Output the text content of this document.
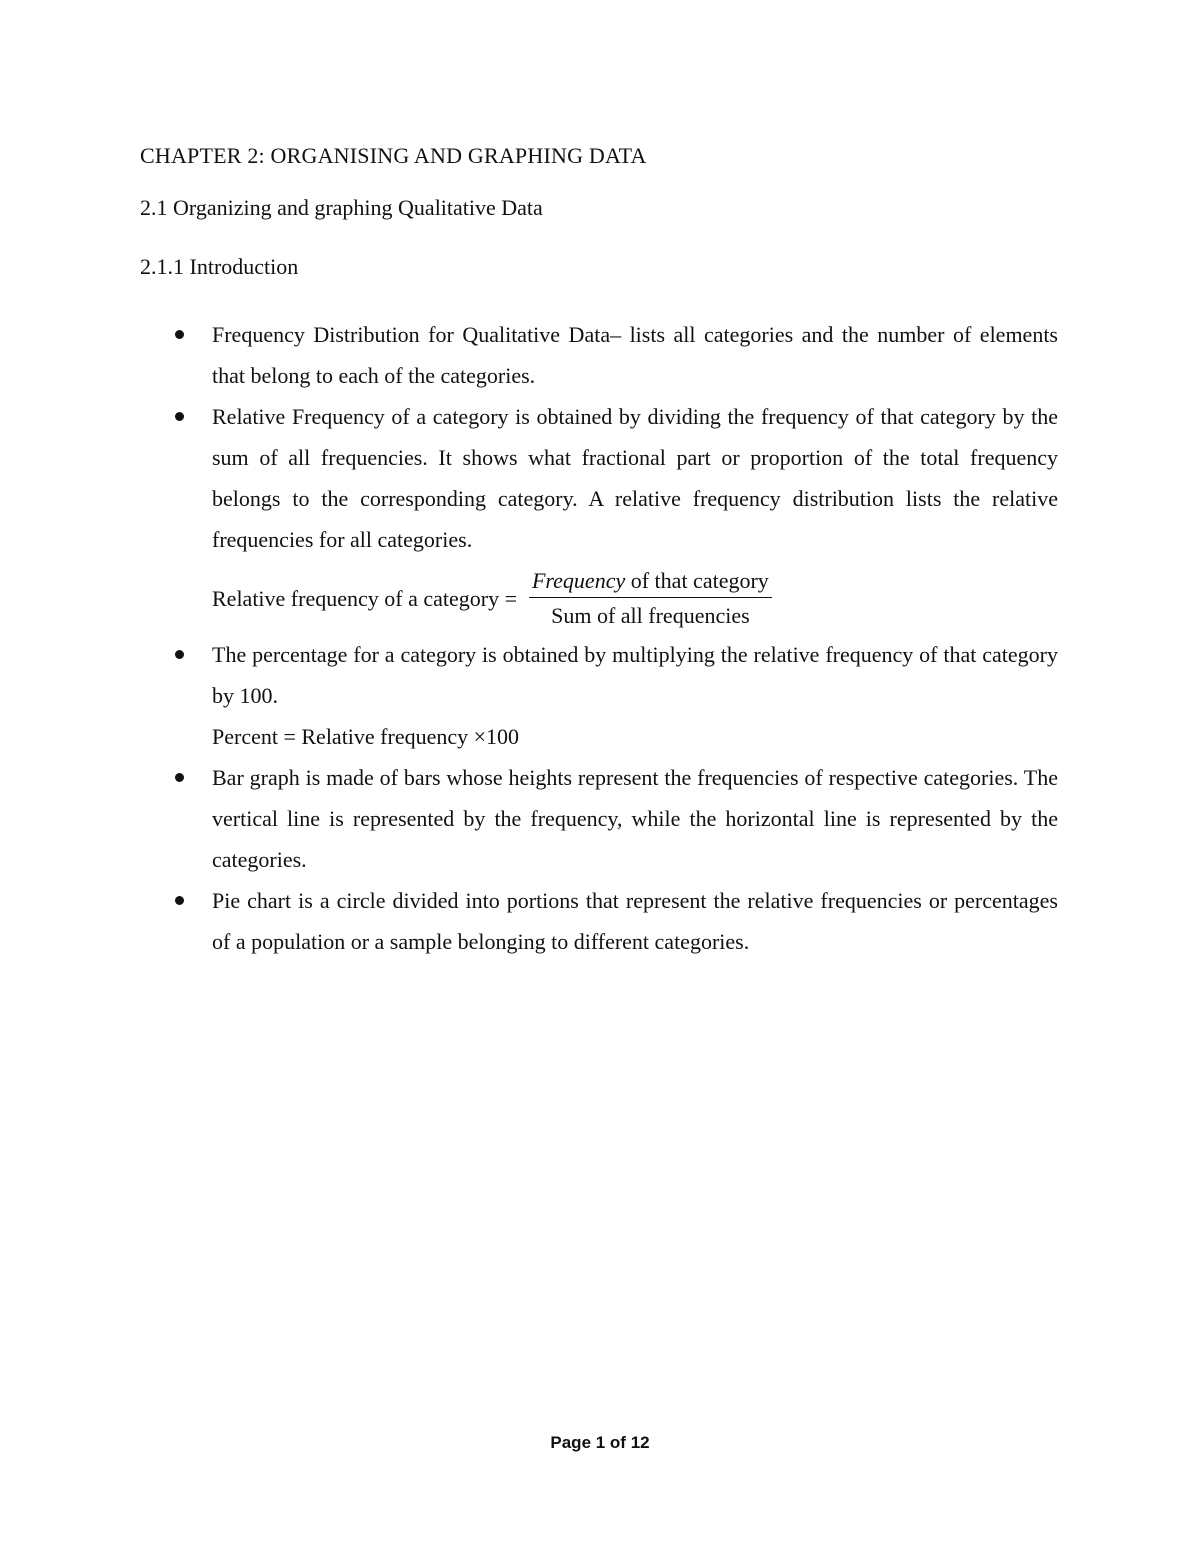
CHAPTER 2: ORGANISING AND GRAPHING DATA
2.1 Organizing and graphing Qualitative Data
2.1.1 Introduction
Frequency Distribution for Qualitative Data– lists all categories and the number of elements that belong to each of the categories.
Relative Frequency of a category is obtained by dividing the frequency of that category by the sum of all frequencies. It shows what fractional part or proportion of the total frequency belongs to the corresponding category. A relative frequency distribution lists the relative frequencies for all categories.
Relative frequency of a category = $\frac{\text{Frequency of that category}}{\text{Sum of all frequencies}}$
The percentage for a category is obtained by multiplying the relative frequency of that category by 100.
Percent = Relative frequency ×100
Bar graph is made of bars whose heights represent the frequencies of respective categories. The vertical line is represented by the frequency, while the horizontal line is represented by the categories.
Pie chart is a circle divided into portions that represent the relative frequencies or percentages of a population or a sample belonging to different categories.
Page 1 of 12
